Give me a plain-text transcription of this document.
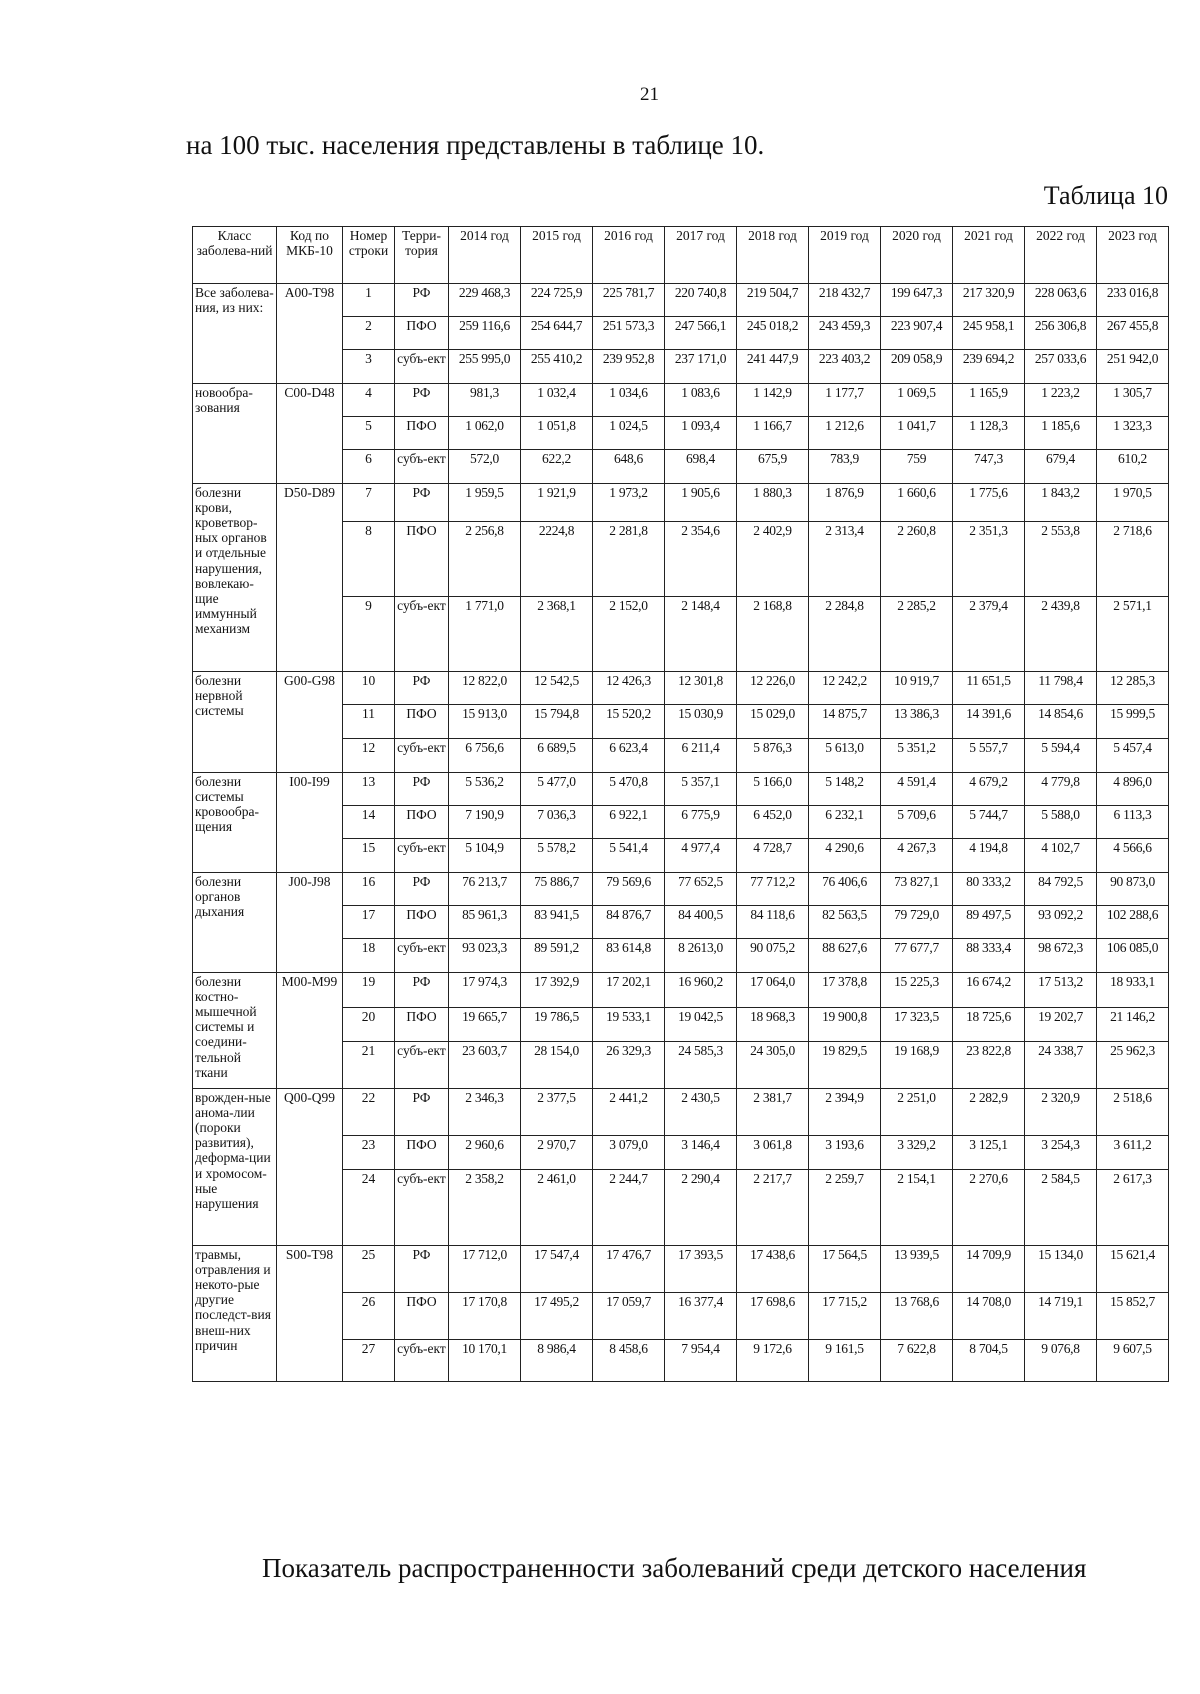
21
на 100 тыс. населения представлены в таблице 10.
Таблица 10
Класс заболева-ний	Код по МКБ-10	Номер строки	Терри-тория	2014 год	2015 год	2016 год	2017 год	2018 год	2019 год	2020 год	2021 год	2022 год	2023 год
Все заболева-ния, из них:	A00-T98	1	РФ	229 468,3	224 725,9	225 781,7	220 740,8	219 504,7	218 432,7	199 647,3	217 320,9	228 063,6	233 016,8
		2	ПФО	259 116,6	254 644,7	251 573,3	247 566,1	245 018,2	243 459,3	223 907,4	245 958,1	256 306,8	267 455,8
		3	субъ-ект	255 995,0	255 410,2	239 952,8	237 171,0	241 447,9	223 403,2	209 058,9	239 694,2	257 033,6	251 942,0
новообра-зования	C00-D48	4	РФ	981,3	1 032,4	1 034,6	1 083,6	1 142,9	1 177,7	1 069,5	1 165,9	1 223,2	1 305,7
		5	ПФО	1 062,0	1 051,8	1 024,5	1 093,4	1 166,7	1 212,6	1 041,7	1 128,3	1 185,6	1 323,3
		6	субъ-ект	572,0	622,2	648,6	698,4	675,9	783,9	759	747,3	679,4	610,2
болезни крови, кроветвор-ных органов и отдельные нарушения, вовлекаю-щие иммунный механизм	D50-D89	7	РФ	1 959,5	1 921,9	1 973,2	1 905,6	1 880,3	1 876,9	1 660,6	1 775,6	1 843,2	1 970,5
		8	ПФО	2 256,8	2224,8	2 281,8	2 354,6	2 402,9	2 313,4	2 260,8	2 351,3	2 553,8	2 718,6
		9	субъ-ект	1 771,0	2 368,1	2 152,0	2 148,4	2 168,8	2 284,8	2 285,2	2 379,4	2 439,8	2 571,1
болезни нервной системы	G00-G98	10	РФ	12 822,0	12 542,5	12 426,3	12 301,8	12 226,0	12 242,2	10 919,7	11 651,5	11 798,4	12 285,3
		11	ПФО	15 913,0	15 794,8	15 520,2	15 030,9	15 029,0	14 875,7	13 386,3	14 391,6	14 854,6	15 999,5
		12	субъ-ект	6 756,6	6 689,5	6 623,4	6 211,4	5 876,3	5 613,0	5 351,2	5 557,7	5 594,4	5 457,4
болезни системы кровообра-щения	I00-I99	13	РФ	5 536,2	5 477,0	5 470,8	5 357,1	5 166,0	5 148,2	4 591,4	4 679,2	4 779,8	4 896,0
		14	ПФО	7 190,9	7 036,3	6 922,1	6 775,9	6 452,0	6 232,1	5 709,6	5 744,7	5 588,0	6 113,3
		15	субъ-ект	5 104,9	5 578,2	5 541,4	4 977,4	4 728,7	4 290,6	4 267,3	4 194,8	4 102,7	4 566,6
болезни органов дыхания	J00-J98	16	РФ	76 213,7	75 886,7	79 569,6	77 652,5	77 712,2	76 406,6	73 827,1	80 333,2	84 792,5	90 873,0
		17	ПФО	85 961,3	83 941,5	84 876,7	84 400,5	84 118,6	82 563,5	79 729,0	89 497,5	93 092,2	102 288,6
		18	субъ-ект	93 023,3	89 591,2	83 614,8	8 2613,0	90 075,2	88 627,6	77 677,7	88 333,4	98 672,3	106 085,0
болезни костно-мышечной системы и соедини-тельной ткани	M00-M99	19	РФ	17 974,3	17 392,9	17 202,1	16 960,2	17 064,0	17 378,8	15 225,3	16 674,2	17 513,2	18 933,1
		20	ПФО	19 665,7	19 786,5	19 533,1	19 042,5	18 968,3	19 900,8	17 323,5	18 725,6	19 202,7	21 146,2
		21	субъ-ект	23 603,7	28 154,0	26 329,3	24 585,3	24 305,0	19 829,5	19 168,9	23 822,8	24 338,7	25 962,3
врожден-ные анома-лии (пороки развития), деформа-ции и хромосом-ные нарушения	Q00-Q99	22	РФ	2 346,3	2 377,5	2 441,2	2 430,5	2 381,7	2 394,9	2 251,0	2 282,9	2 320,9	2 518,6
		23	ПФО	2 960,6	2 970,7	3 079,0	3 146,4	3 061,8	3 193,6	3 329,2	3 125,1	3 254,3	3 611,2
		24	субъ-ект	2 358,2	2 461,0	2 244,7	2 290,4	2 217,7	2 259,7	2 154,1	2 270,6	2 584,5	2 617,3
травмы, отравления и некото-рые другие последст-вия внеш-них причин	S00-T98	25	РФ	17 712,0	17 547,4	17 476,7	17 393,5	17 438,6	17 564,5	13 939,5	14 709,9	15 134,0	15 621,4
		26	ПФО	17 170,8	17 495,2	17 059,7	16 377,4	17 698,6	17 715,2	13 768,6	14 708,0	14 719,1	15 852,7
		27	субъ-ект	10 170,1	8 986,4	8 458,6	7 954,4	9 172,6	9 161,5	7 622,8	8 704,5	9 076,8	9 607,5
Показатель распространенности заболеваний среди детского населения
